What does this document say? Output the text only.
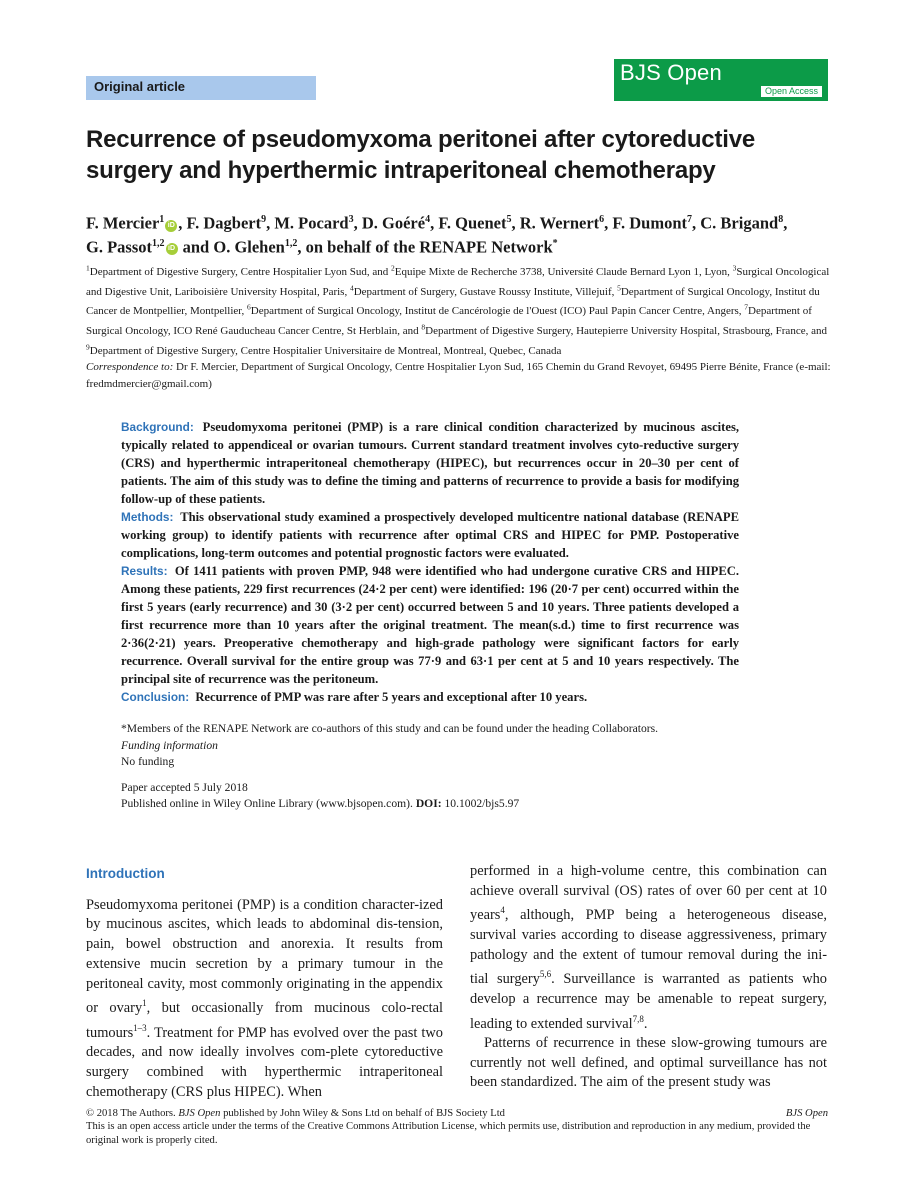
Original article
BJS Open
Open Access
Recurrence of pseudomyxoma peritonei after cytoreductive surgery and hyperthermic intraperitoneal chemotherapy
F. Mercier$^1$ iD , F. Dagbert$^9$, M. Pocard$^3$, D. Goéré$^4$, F. Quenet$^5$, R. Wernert$^6$, F. Dumont$^7$, C. Brigand$^8$, G. Passot$^{1,2}$ iD and O. Glehen$^{1,2}$, on behalf of the RENAPE Network*
$^1$Department of Digestive Surgery, Centre Hospitalier Lyon Sud, and $^2$Equipe Mixte de Recherche 3738, Université Claude Bernard Lyon 1, Lyon, $^3$Surgical Oncological and Digestive Unit, Lariboisière University Hospital, Paris, $^4$Department of Surgery, Gustave Roussy Institute, Villejuif, $^5$Department of Surgical Oncology, Institut du Cancer de Montpellier, Montpellier, $^6$Department of Surgical Oncology, Institut de Cancérologie de l'Ouest (ICO) Paul Papin Cancer Centre, Angers, $^7$Department of Surgical Oncology, ICO René Gauducheau Cancer Centre, St Herblain, and $^8$Department of Digestive Surgery, Hautepierre University Hospital, Strasbourg, France, and $^9$Department of Digestive Surgery, Centre Hospitalier Universitaire de Montreal, Montreal, Quebec, Canada
Correspondence to: Dr F. Mercier, Department of Surgical Oncology, Centre Hospitalier Lyon Sud, 165 Chemin du Grand Revoyet, 69495 Pierre Bénite, France (e-mail: fredmdmercier@gmail.com)

Background: Pseudomyxoma peritonei (PMP) is a rare clinical condition characterized by mucinous ascites, typically related to appendiceal or ovarian tumours. Current standard treatment involves cyto-reductive surgery (CRS) and hyperthermic intraperitoneal chemotherapy (HIPEC), but recurrences occur in 20–30 per cent of patients. The aim of this study was to define the timing and patterns of recurrence to provide a basis for modifying follow-up of these patients.

Methods: This observational study examined a prospectively developed multicentre national database (RENAPE working group) to identify patients with recurrence after optimal CRS and HIPEC for PMP. Postoperative complications, long-term outcomes and potential prognostic factors were evaluated.

Results: Of 1411 patients with proven PMP, 948 were identified who had undergone curative CRS and HIPEC. Among these patients, 229 first recurrences (24·2 per cent) were identified: 196 (20·7 per cent) occurred within the first 5 years (early recurrence) and 30 (3·2 per cent) occurred between 5 and 10 years. Three patients developed a first recurrence more than 10 years after the original treatment. The mean(s.d.) time to first recurrence was 2·36(2·21) years. Preoperative chemotherapy and high-grade pathology were significant factors for early recurrence. Overall survival for the entire group was 77·9 and 63·1 per cent at 5 and 10 years respectively. The principal site of recurrence was the peritoneum.

Conclusion: Recurrence of PMP was rare after 5 years and exceptional after 10 years.

*Members of the RENAPE Network are co-authors of this study and can be found under the heading Collaborators.
Funding information
No funding
Paper accepted 5 July 2018
Published online in Wiley Online Library (www.bjsopen.com). DOI: 10.1002/bjs5.97
Introduction
Pseudomyxoma peritonei (PMP) is a condition character-ized by mucinous ascites, which leads to abdominal dis-tension, pain, bowel obstruction and anorexia. It results from extensive mucin secretion by a primary tumour in the peritoneal cavity, most commonly originating in the appendix or ovary$^1$, but occasionally from mucinous colo-rectal tumours$^{1-3}$. Treatment for PMP has evolved over the past two decades, and now ideally involves com-plete cytoreductive surgery combined with hyperthermic intraperitoneal chemotherapy (CRS plus HIPEC). When
performed in a high-volume centre, this combination can achieve overall survival (OS) rates of over 60 per cent at 10 years$^4$, although, PMP being a heterogeneous disease, survival varies according to disease aggressiveness, primary pathology and the extent of tumour removal during the ini-tial surgery$^{5,6}$. Surveillance is warranted as patients who develop a recurrence may be amenable to repeat surgery, leading to extended survival$^{7,8}$.
Patterns of recurrence in these slow-growing tumours are currently not well defined, and optimal surveillance has not been standardized. The aim of the present study was
© 2018 The Authors. BJS Open published by John Wiley & Sons Ltd on behalf of BJS Society Ltd
This is an open access article under the terms of the Creative Commons Attribution License, which permits use, distribution and reproduction in any medium, provided the original work is properly cited.
BJS Open
